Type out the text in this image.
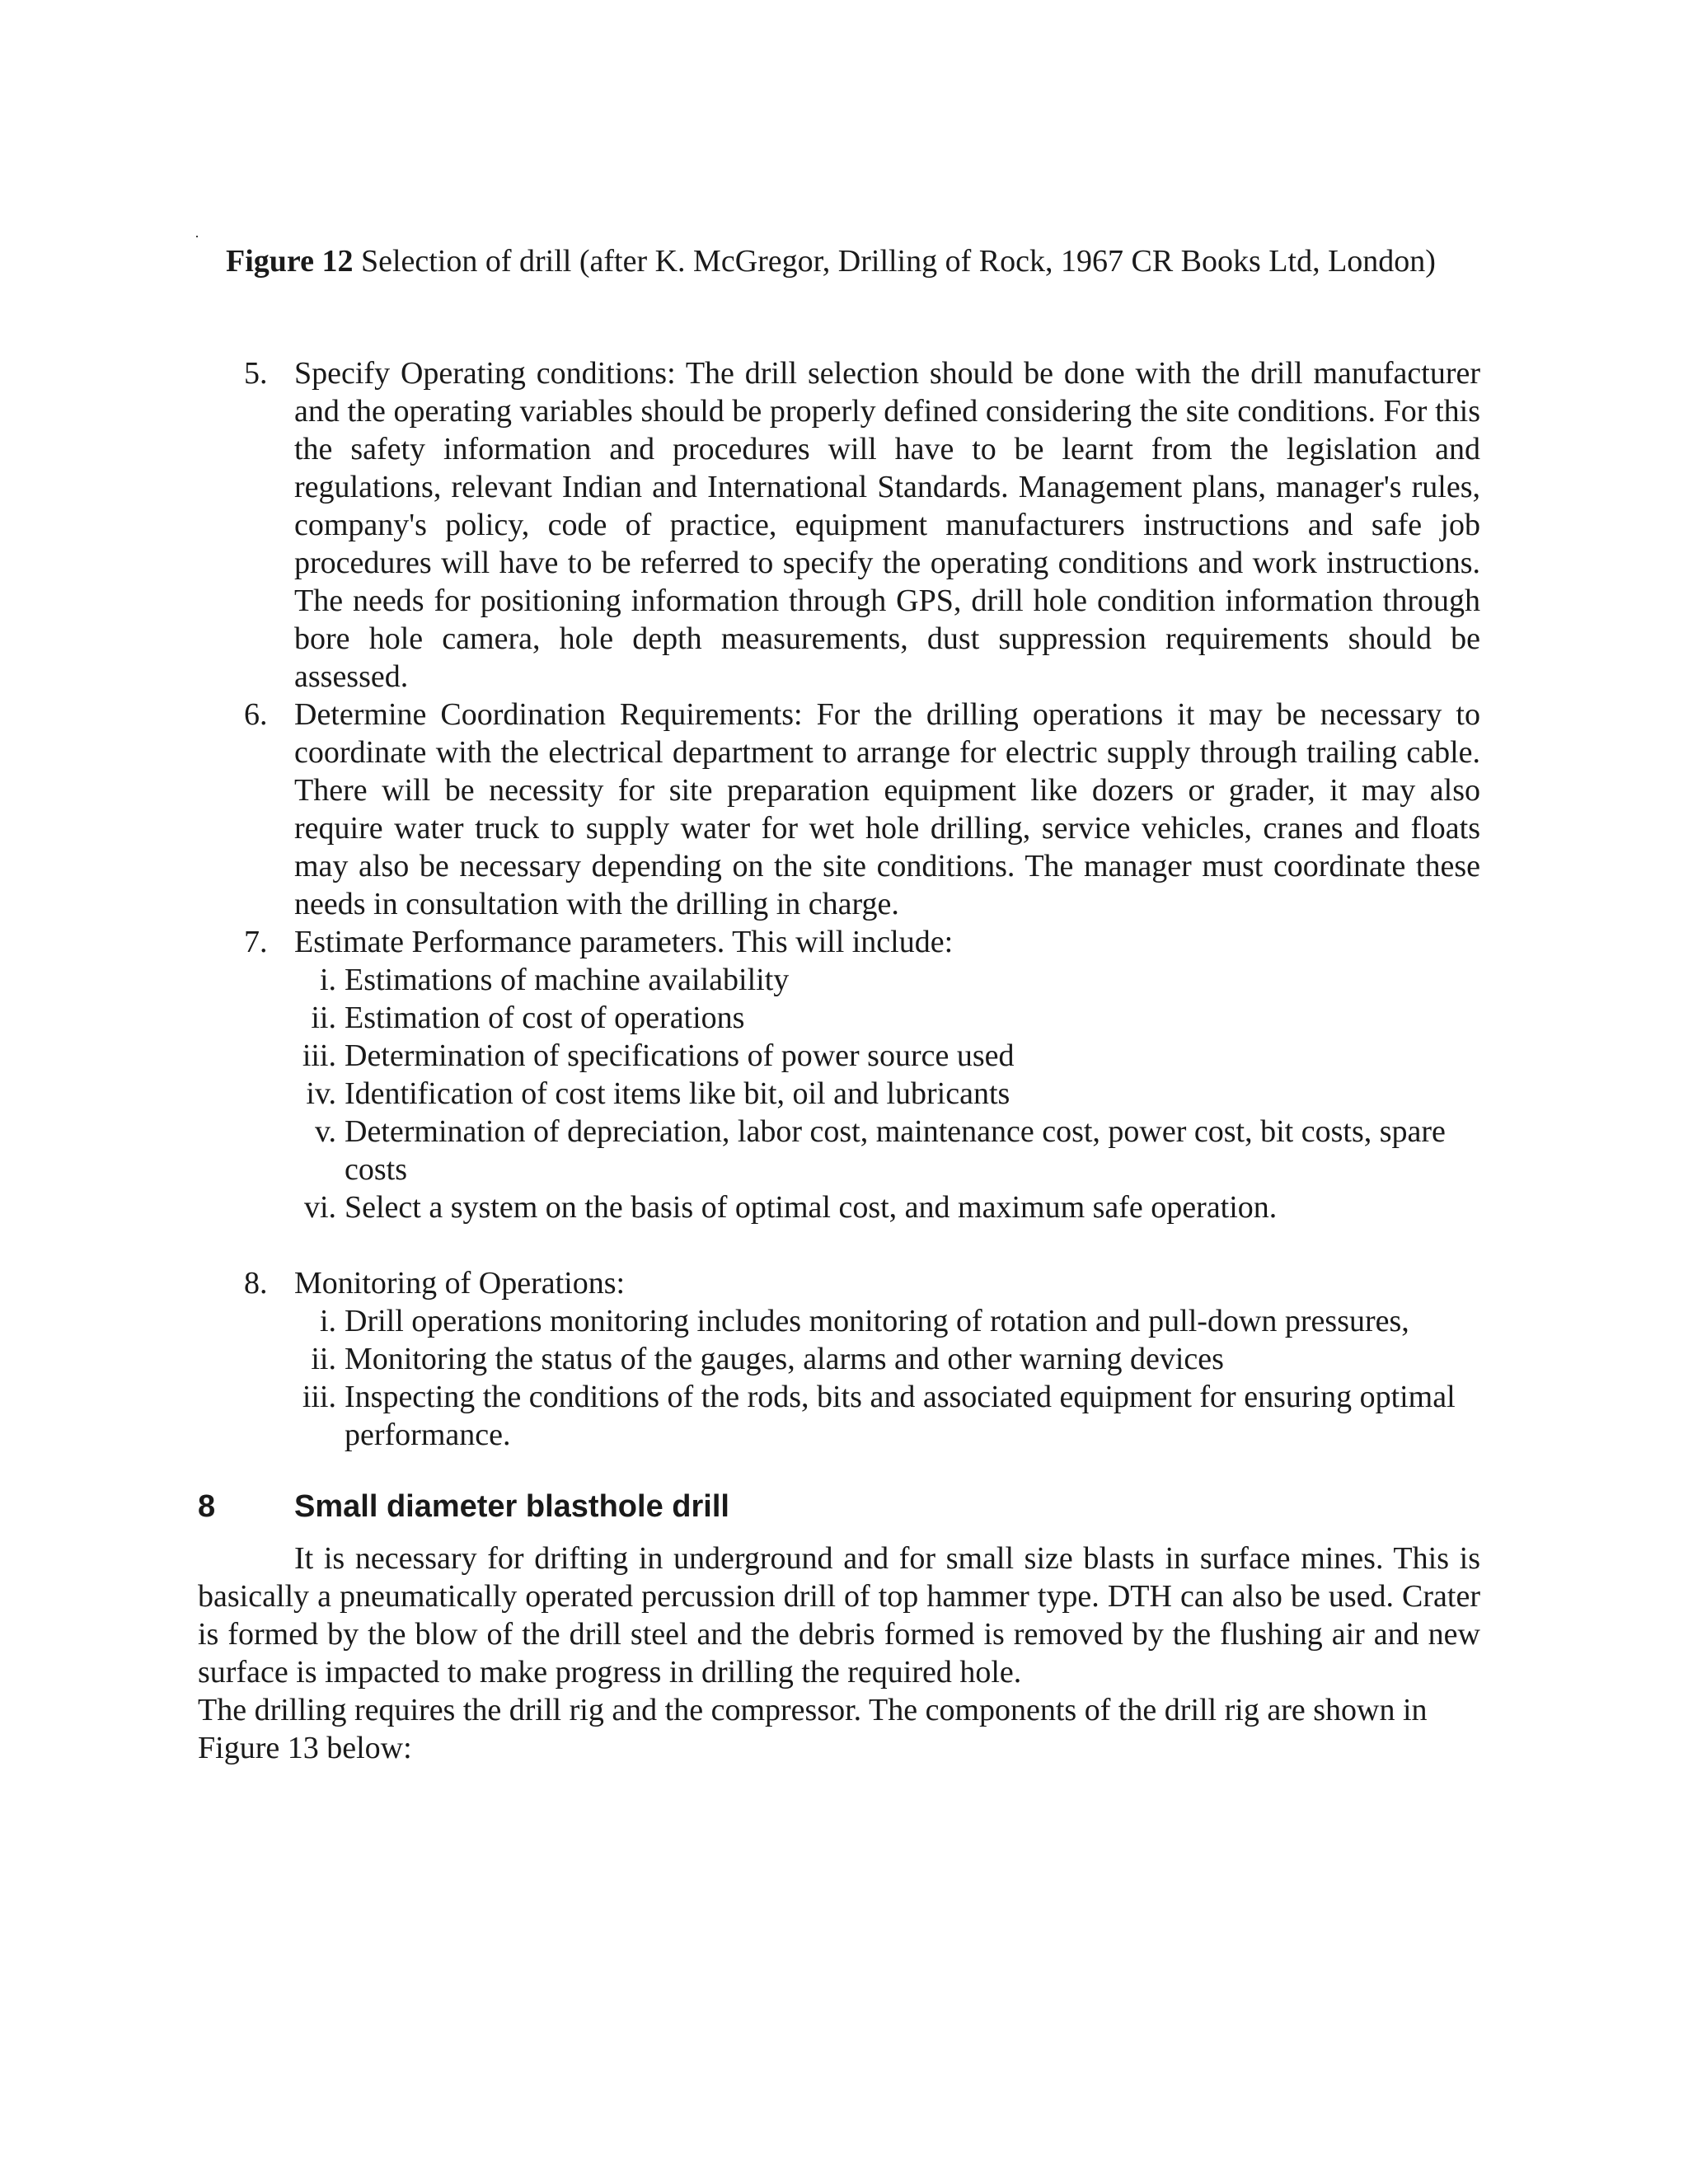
·
Figure 12 Selection of drill (after K. McGregor, Drilling of Rock, 1967 CR Books Ltd, London)
5. Specify Operating conditions: The drill selection should be done with the drill manufacturer and the operating variables should be properly defined considering the site conditions. For this the safety information and procedures will have to be learnt from the legislation and regulations, relevant Indian and International Standards. Management plans, manager's rules, company's policy, code of practice, equipment manufacturers instructions and safe job procedures will have to be referred to specify the operating conditions and work instructions. The needs for positioning information through GPS, drill hole condition information through bore hole camera, hole depth measurements, dust suppression requirements should be assessed.
6. Determine Coordination Requirements: For the drilling operations it may be necessary to coordinate with the electrical department to arrange for electric supply through trailing cable. There will be necessity for site preparation equipment like dozers or grader, it may also require water truck to supply water for wet hole drilling, service vehicles, cranes and floats may also be necessary depending on the site conditions. The manager must coordinate these needs in consultation with the drilling in charge.
7. Estimate Performance parameters. This will include:
i. Estimations of machine availability
ii. Estimation of cost of operations
iii. Determination of specifications of power source used
iv. Identification of cost items like bit, oil and lubricants
v. Determination of depreciation, labor cost, maintenance cost, power cost, bit costs, spare costs
vi. Select a system on the basis of optimal cost, and maximum safe operation.
8. Monitoring of Operations:
i. Drill operations monitoring includes monitoring of rotation and pull-down pressures,
ii. Monitoring the status of the gauges, alarms and other warning devices
iii. Inspecting the conditions of the rods, bits and associated equipment for ensuring optimal performance.
8	Small diameter blasthole drill
It is necessary for drifting in underground and for small size blasts in surface mines. This is basically a pneumatically operated percussion drill of top hammer type. DTH can also be used. Crater is formed by the blow of the drill steel and the debris formed is removed by the flushing air and new surface is impacted to make progress in drilling the required hole.
The drilling requires the drill rig and the compressor. The components of the drill rig are shown in Figure 13 below:
